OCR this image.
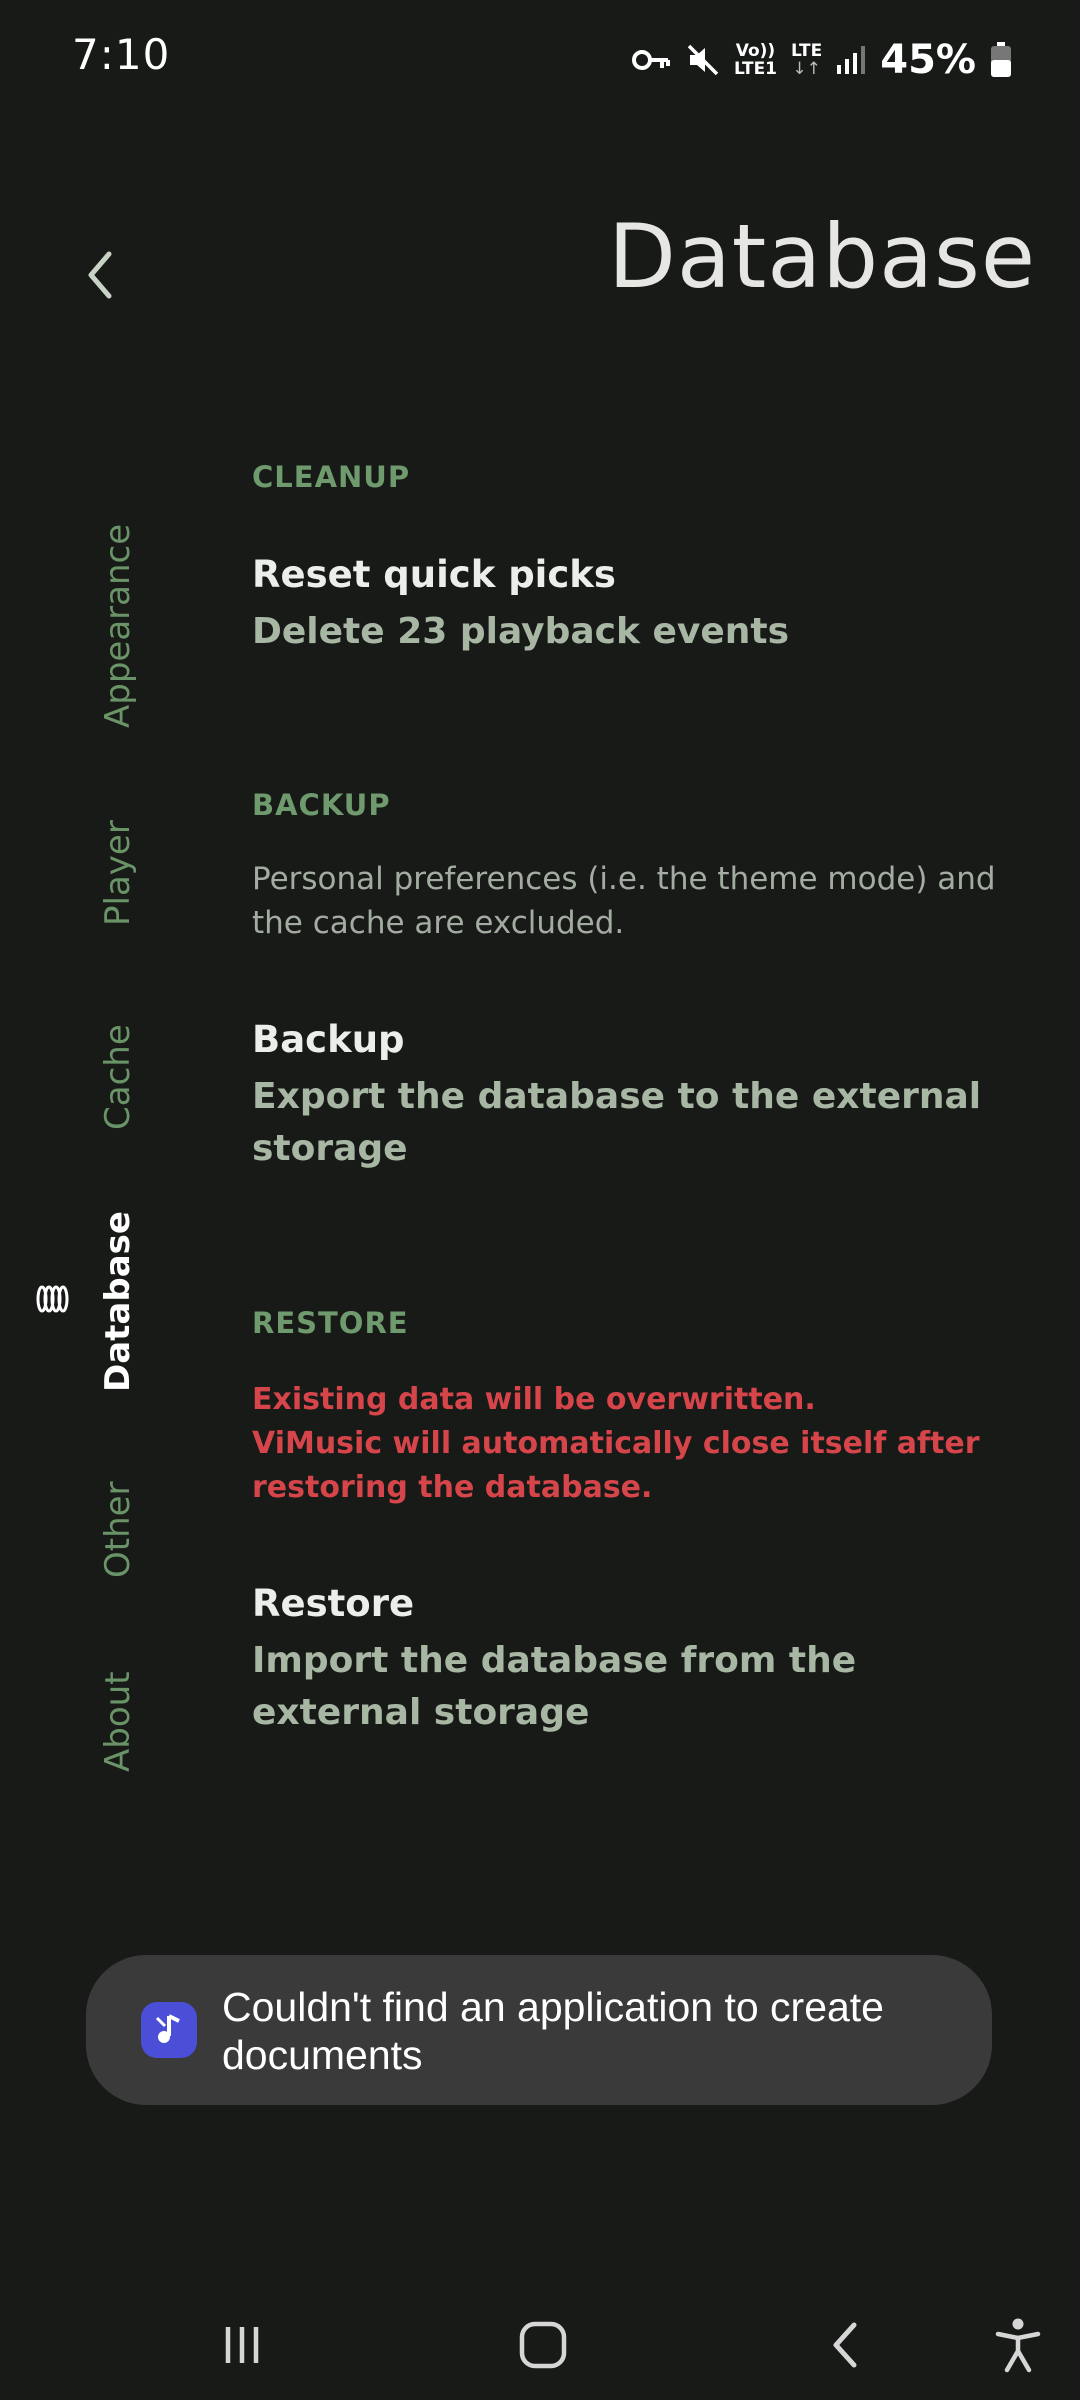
7:10	Vo))
LTE1
LTE
↓↑ 45%
Database
Appearance
Player
Cache
Database
Other
About
CLEANUP
Reset quick picks
Delete 23 playback events
BACKUP
Personal preferences (i.e. the theme mode) and the cache are excluded.
Backup
Export the database to the external storage
RESTORE
Existing data will be overwritten.
ViMusic will automatically close itself after restoring the database.
Restore
Import the database from the external storage
Couldn't find an application to create documents
